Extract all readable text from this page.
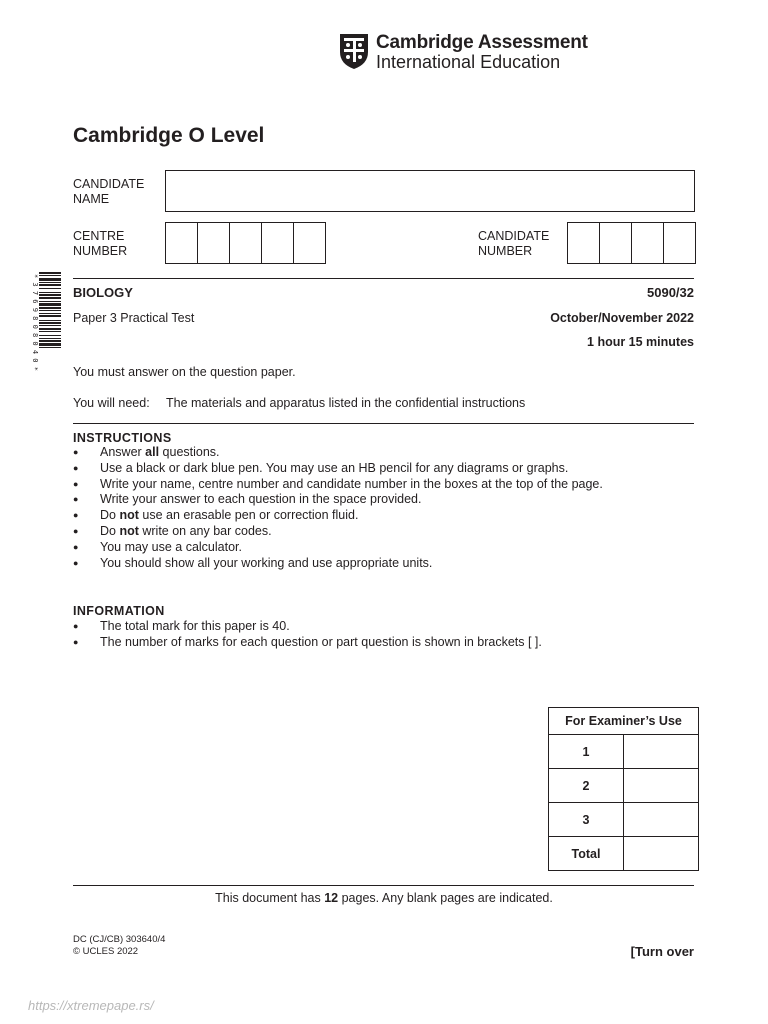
Cambridge Assessment
International Education
Cambridge O Level
* 3 7 6 9 8 0 8 0 4 0 *
CANDIDATE
NAME
CENTRE
NUMBER
CANDIDATE
NUMBER
BIOLOGY	5090/32
Paper 3 Practical Test	October/November 2022
1 hour 15 minutes
You must answer on the question paper.
You will need: The materials and apparatus listed in the confidential instructions
INSTRUCTIONS
● Answer all questions.
● Use a black or dark blue pen. You may use an HB pencil for any diagrams or graphs.
● Write your name, centre number and candidate number in the boxes at the top of the page.
● Write your answer to each question in the space provided.
● Do not use an erasable pen or correction fluid.
● Do not write on any bar codes.
● You may use a calculator.
● You should show all your working and use appropriate units.
INFORMATION
● The total mark for this paper is 40.
● The number of marks for each question or part question is shown in brackets [ ].
For Examiner’s Use	
1	
2	
3	
Total	
This document has 12 pages. Any blank pages are indicated.
DC (CJ/CB) 303640/4
© UCLES 2022	[Turn over
https://xtremepape.rs/
